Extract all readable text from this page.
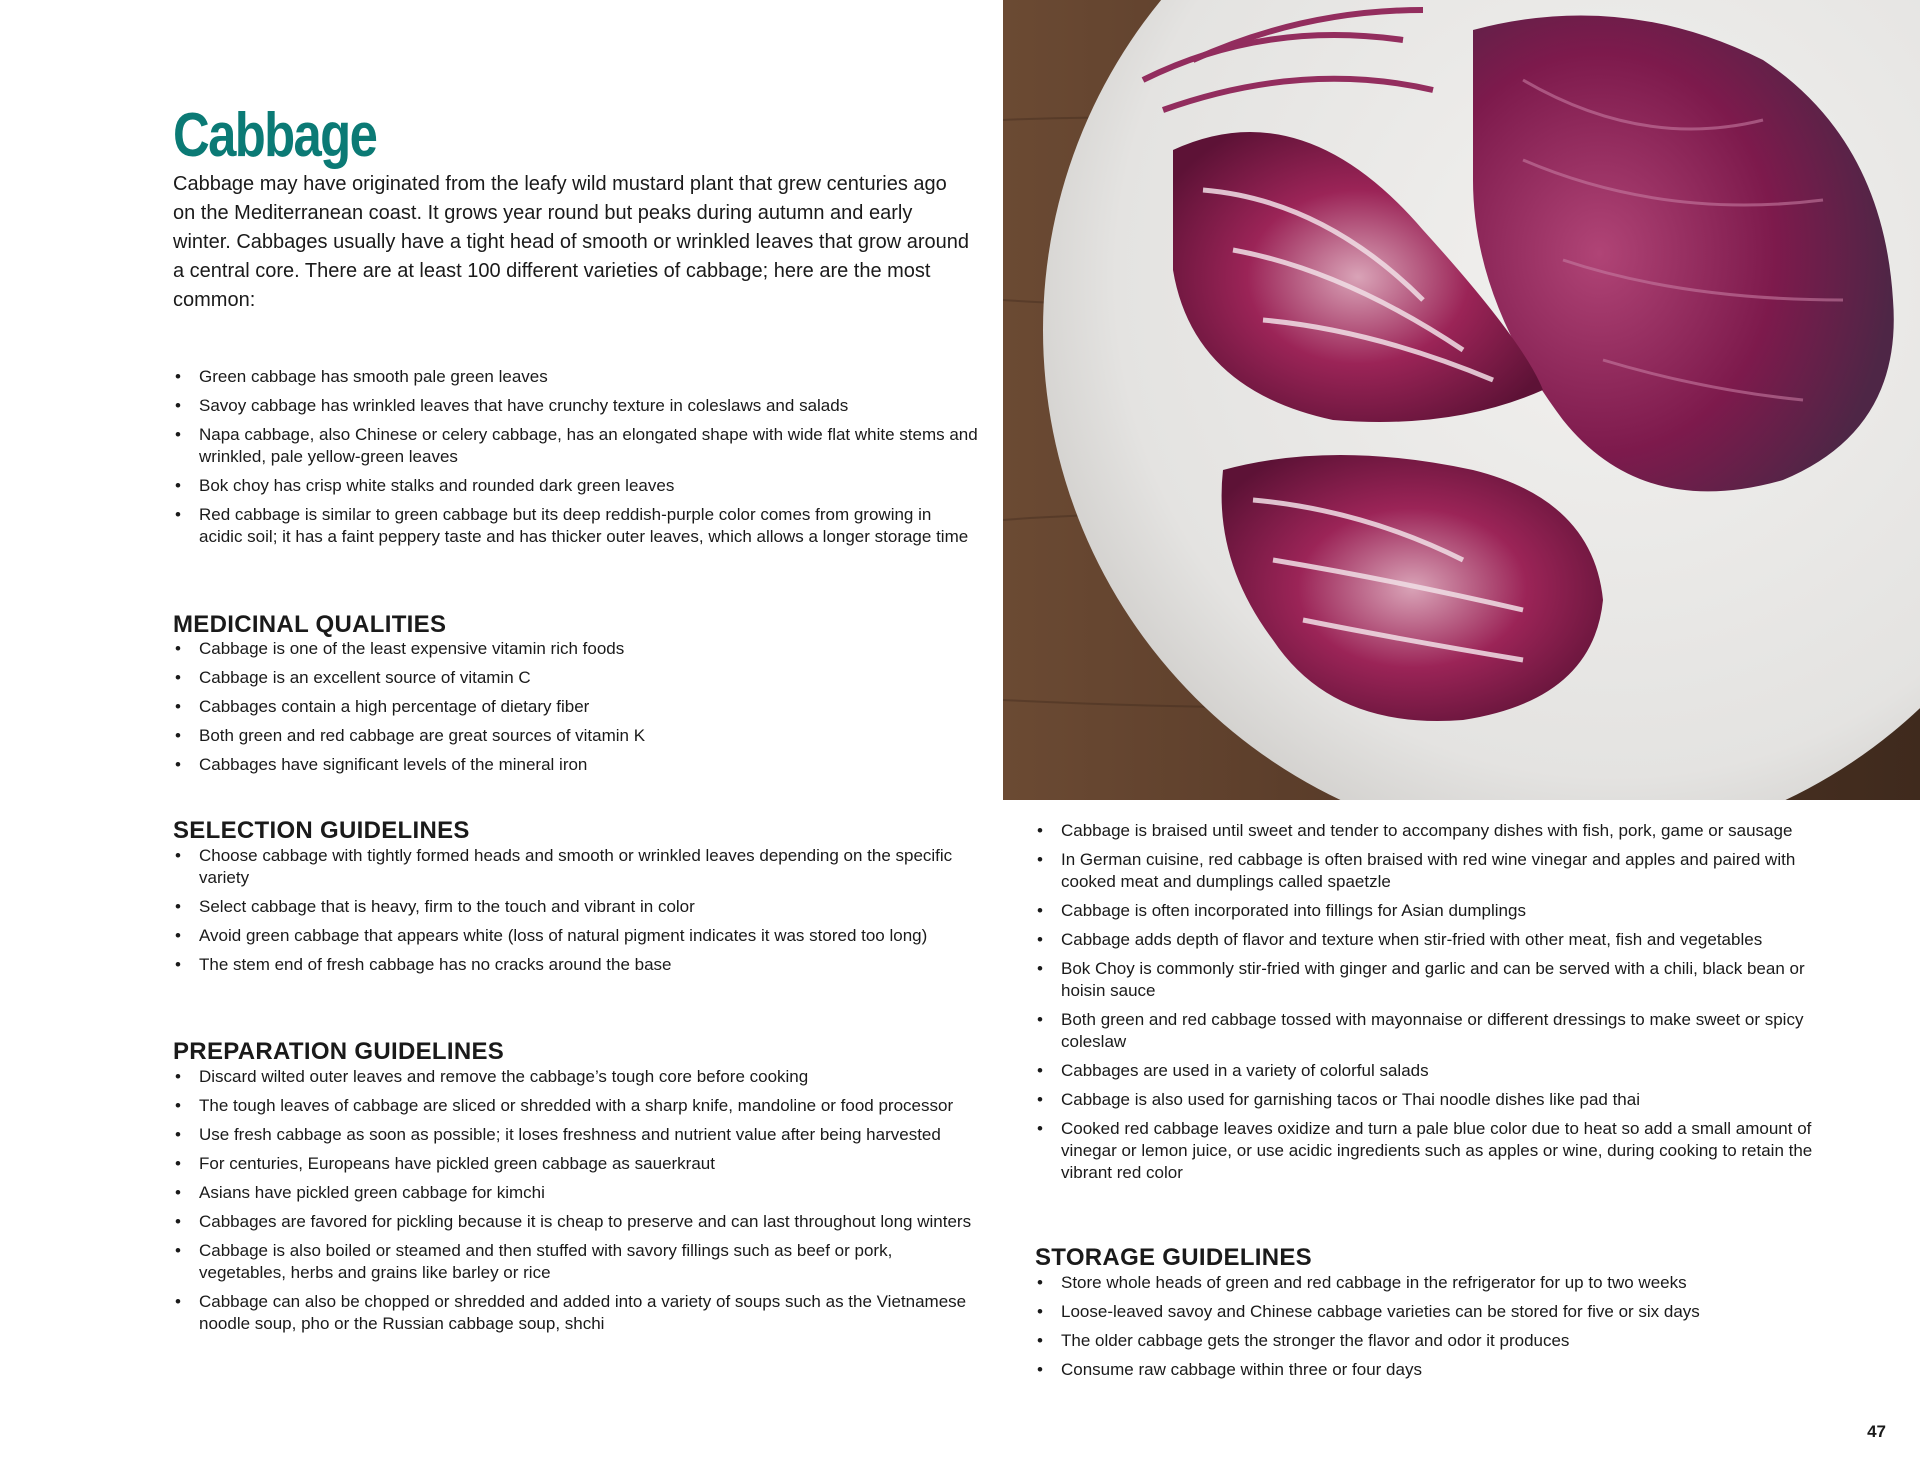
Cabbage

Cabbage may have originated from the leafy wild mustard plant that grew centuries ago on the Mediterranean coast. It grows year round but peaks during autumn and early winter. Cabbages usually have a tight head of smooth or wrinkled leaves that grow around a central core. There are at least 100 different varieties of cabbage; here are the most common:

• Green cabbage has smooth pale green leaves
• Savoy cabbage has wrinkled leaves that have crunchy texture in coleslaws and salads
• Napa cabbage, also Chinese or celery cabbage, has an elongated shape with wide flat white stems and wrinkled, pale yellow-green leaves
• Bok choy has crisp white stalks and rounded dark green leaves
• Red cabbage is similar to green cabbage but its deep reddish-purple color comes from growing in acidic soil; it has a faint peppery taste and has thicker outer leaves, which allows a longer storage time
MEDICINAL QUALITIES
• Cabbage is one of the least expensive vitamin rich foods
• Cabbage is an excellent source of vitamin C
• Cabbages contain a high percentage of dietary fiber
• Both green and red cabbage are great sources of vitamin K
• Cabbages have significant levels of the mineral iron
SELECTION GUIDELINES
• Choose cabbage with tightly formed heads and smooth or wrinkled leaves depending on the specific variety
• Select cabbage that is heavy, firm to the touch and vibrant in color
• Avoid green cabbage that appears white (loss of natural pigment indicates it was stored too long)
• The stem end of fresh cabbage has no cracks around the base
PREPARATION GUIDELINES
• Discard wilted outer leaves and remove the cabbage’s tough core before cooking
• The tough leaves of cabbage are sliced or shredded with a sharp knife, mandoline or food processor
• Use fresh cabbage as soon as possible; it loses freshness and nutrient value after being harvested
• For centuries, Europeans have pickled green cabbage as sauerkraut
• Asians have pickled green cabbage for kimchi
• Cabbages are favored for pickling because it is cheap to preserve and can last throughout long winters
• Cabbage is also boiled or steamed and then stuffed with savory fillings such as beef or pork, vegetables, herbs and grains like barley or rice
• Cabbage can also be chopped or shredded and added into a variety of soups such as the Vietnamese noodle soup, pho or the Russian cabbage soup, shchi
• Cabbage is braised until sweet and tender to accompany dishes with fish, pork, game or sausage
• In German cuisine, red cabbage is often braised with red wine vinegar and apples and paired with cooked meat and dumplings called spaetzle
• Cabbage is often incorporated into fillings for Asian dumplings
• Cabbage adds depth of flavor and texture when stir-fried with other meat, fish and vegetables
• Bok Choy is commonly stir-fried with ginger and garlic and can be served with a chili, black bean or hoisin sauce
• Both green and red cabbage tossed with mayonnaise or different dressings to make sweet or spicy coleslaw
• Cabbages are used in a variety of colorful salads
• Cabbage is also used for garnishing tacos or Thai noodle dishes like pad thai
• Cooked red cabbage leaves oxidize and turn a pale blue color due to heat so add a small amount of vinegar or lemon juice, or use acidic ingredients such as apples or wine, during cooking to retain the vibrant red color
STORAGE GUIDELINES
• Store whole heads of green and red cabbage in the refrigerator for up to two weeks
• Loose-leaved savoy and Chinese cabbage varieties can be stored for five or six days
• The older cabbage gets the stronger the flavor and odor it produces
• Consume raw cabbage within three or four days
47
